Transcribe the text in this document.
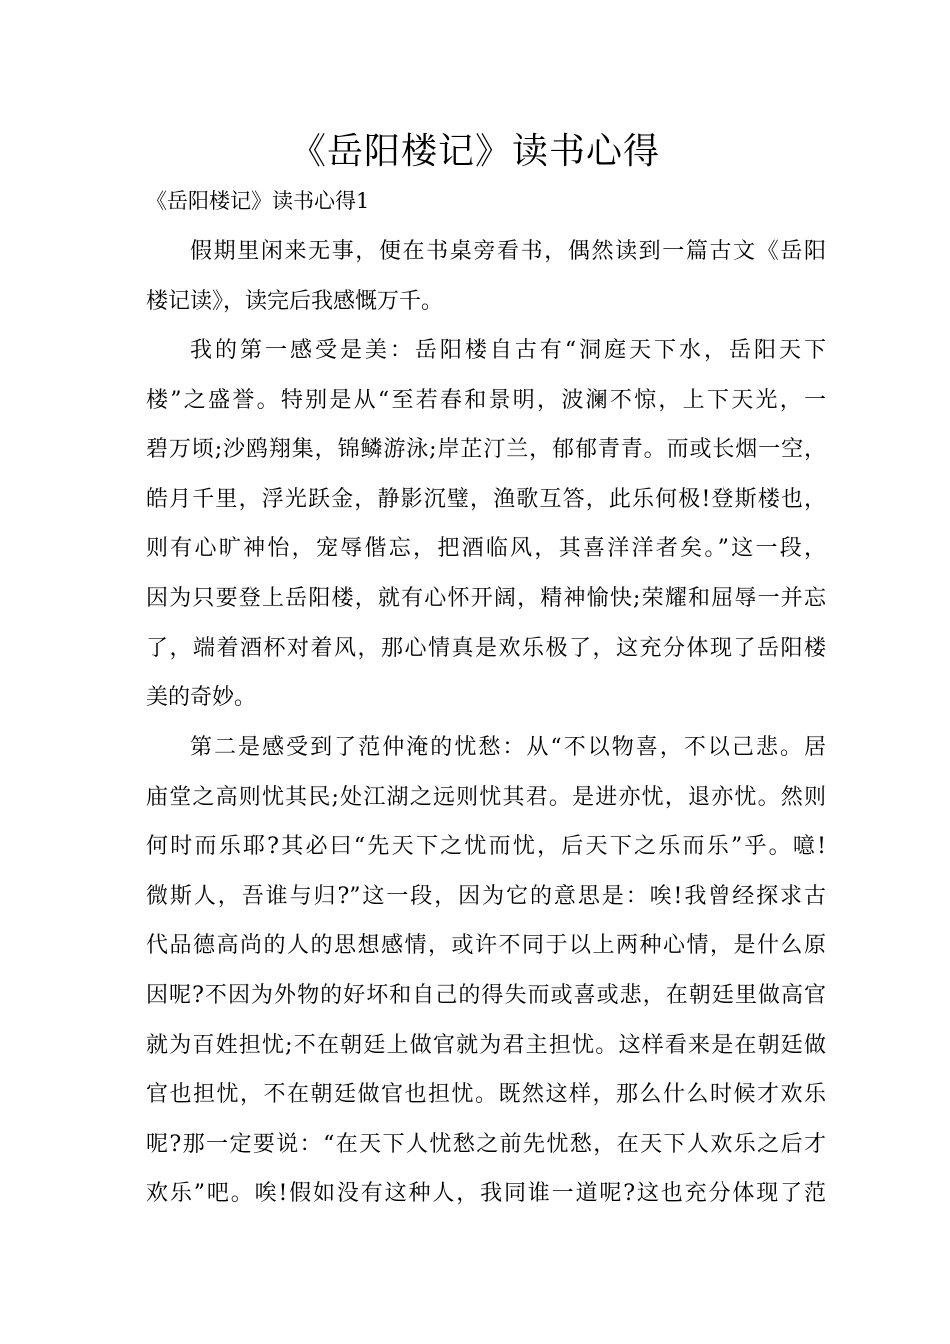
《岳阳楼记》读书心得
《岳阳楼记》读书心得1
假期里闲来无事，便在书桌旁看书，偶然读到一篇古文《岳阳
楼记读》，读完后我感慨万千。
我的第一感受是美：岳阳楼自古有“洞庭天下水，岳阳天下
楼”之盛誉。特别是从“至若春和景明，波澜不惊，上下天光，一
碧万顷;沙鸥翔集，锦鳞游泳;岸芷汀兰，郁郁青青。而或长烟一空，
皓月千里，浮光跃金，静影沉璧，渔歌互答，此乐何极!登斯楼也，
则有心旷神怡，宠辱偕忘，把酒临风，其喜洋洋者矣。”这一段，
因为只要登上岳阳楼，就有心怀开阔，精神愉快;荣耀和屈辱一并忘
了，端着酒杯对着风，那心情真是欢乐极了，这充分体现了岳阳楼
美的奇妙。
第二是感受到了范仲淹的忧愁：从“不以物喜，不以己悲。居
庙堂之高则忧其民;处江湖之远则忧其君。是进亦忧，退亦忧。然则
何时而乐耶?其必曰“先天下之忧而忧，后天下之乐而乐”乎。噫!
微斯人，吾谁与归?”这一段，因为它的意思是：唉!我曾经探求古
代品德高尚的人的思想感情，或许不同于以上两种心情，是什么原
因呢?不因为外物的好坏和自己的得失而或喜或悲，在朝廷里做高官
就为百姓担忧;不在朝廷上做官就为君主担忧。这样看来是在朝廷做
官也担忧，不在朝廷做官也担忧。既然这样，那么什么时候才欢乐
呢?那一定要说：“在天下人忧愁之前先忧愁，在天下人欢乐之后才
欢乐”吧。唉!假如没有这种人，我同谁一道呢?这也充分体现了范
